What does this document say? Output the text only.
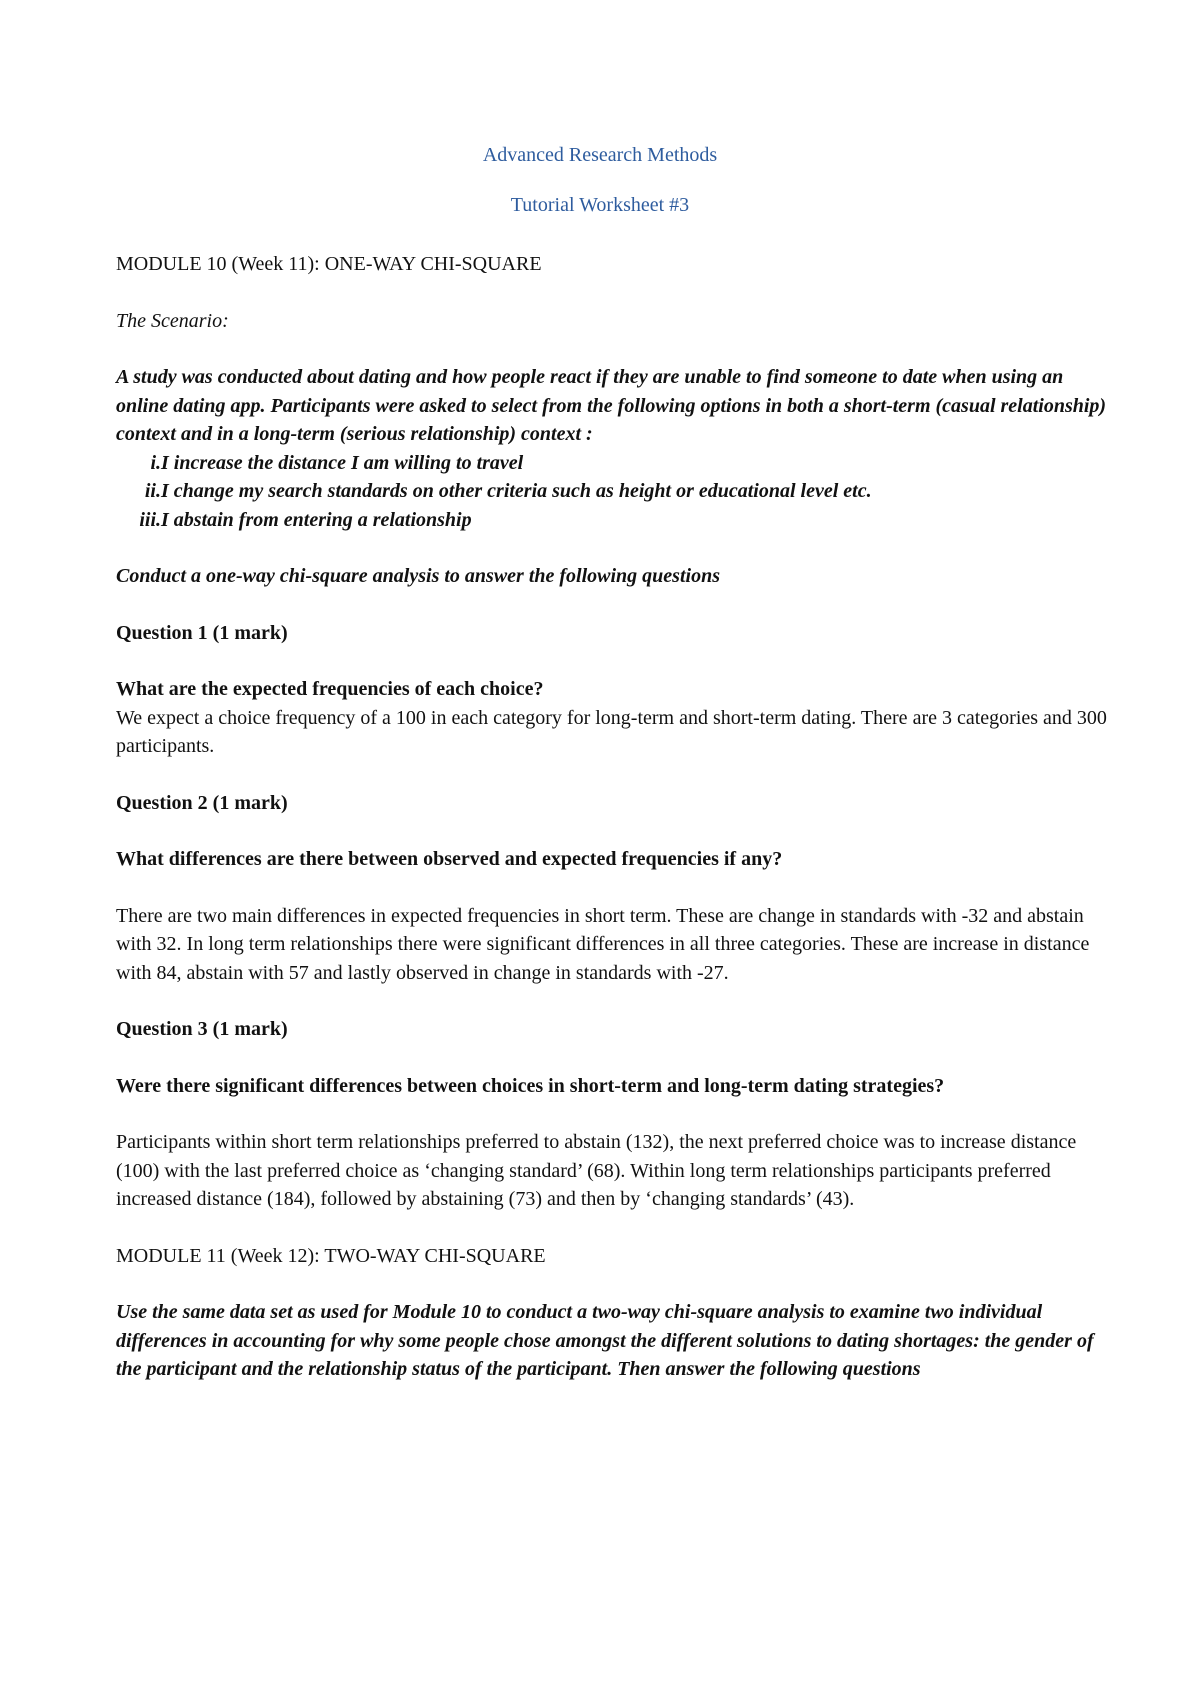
Advanced Research Methods
Tutorial Worksheet #3

MODULE 10 (Week 11): ONE-WAY CHI-SQUARE

The Scenario:

A study was conducted about dating and how people react if they are unable to find someone to date when using an online dating app. Participants were asked to select from the following options in both a short-term (casual relationship) context and in a long-term (serious relationship) context :

i. I increase the distance I am willing to travel
ii. I change my search standards on other criteria such as height or educational level etc.
iii. I abstain from entering a relationship

Conduct a one-way chi-square analysis to answer the following questions

Question 1 (1 mark)

What are the expected frequencies of each choice?
We expect a choice frequency of a 100 in each category for long-term and short-term dating. There are 3 categories and 300 participants.

Question 2 (1 mark)

What differences are there between observed and expected frequencies if any?

There are two main differences in expected frequencies in short term. These are change in standards with -32 and abstain with 32. In long term relationships there were significant differences in all three categories. These are increase in distance with 84, abstain with 57 and lastly observed in change in standards with -27.

Question 3 (1 mark)

Were there significant differences between choices in short-term and long-term dating strategies?

Participants within short term relationships preferred to abstain (132), the next preferred choice was to increase distance (100) with the last preferred choice as ‘changing standard’ (68). Within long term relationships participants preferred increased distance (184), followed by abstaining (73) and then by ‘changing standards’ (43).

MODULE 11 (Week 12): TWO-WAY CHI-SQUARE

Use the same data set as used for Module 10 to conduct a two-way chi-square analysis to examine two individual differences in accounting for why some people chose amongst the different solutions to dating shortages: the gender of the participant and the relationship status of the participant. Then answer the following questions
